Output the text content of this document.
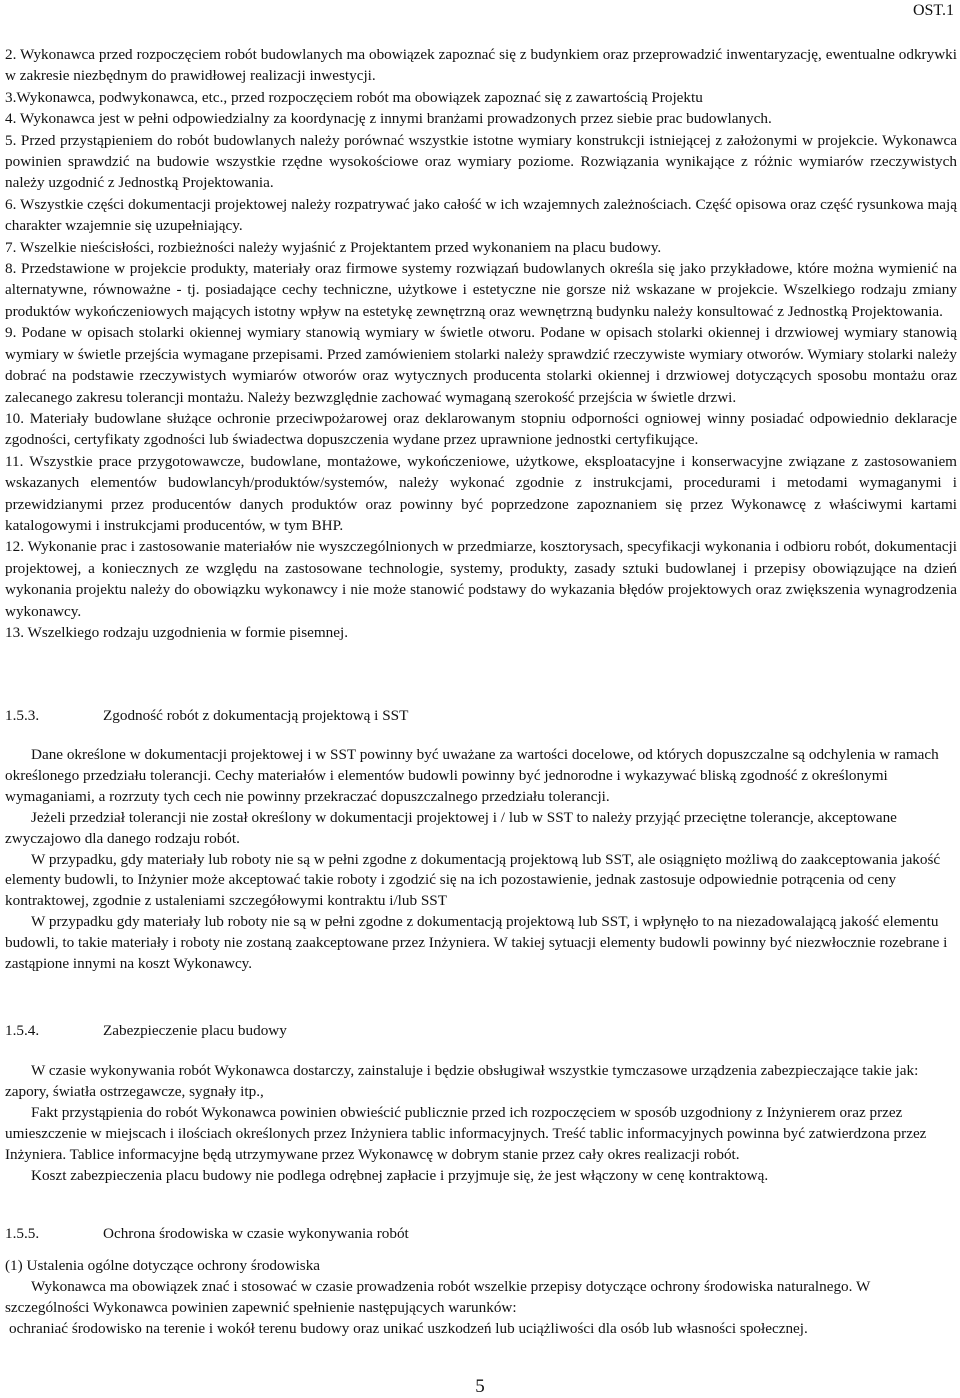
OST.1

2. Wykonawca przed rozpoczęciem robót budowlanych ma obowiązek zapoznać się z budynkiem oraz przeprowadzić inwentaryzację, ewentualne odkrywki w zakresie niezbędnym do prawidłowej realizacji inwestycji.

3.Wykonawca, podwykonawca, etc., przed rozpoczęciem robót ma obowiązek zapoznać się z zawartością Projektu

4. Wykonawca jest w pełni odpowiedzialny za koordynację z innymi branżami prowadzonych przez siebie prac budowlanych.

5. Przed przystąpieniem do robót budowlanych należy porównać wszystkie istotne wymiary konstrukcji istniejącej z założonymi w projekcie. Wykonawca powinien sprawdzić na budowie wszystkie rzędne wysokościowe oraz wymiary poziome. Rozwiązania wynikające z różnic wymiarów rzeczywistych należy uzgodnić z Jednostką Projektowania.

6. Wszystkie części dokumentacji projektowej należy rozpatrywać jako całość w ich wzajemnych zależnościach. Część opisowa oraz część rysunkowa mają charakter wzajemnie się uzupełniający.

7. Wszelkie nieścisłości, rozbieżności należy wyjaśnić z Projektantem przed wykonaniem na placu budowy.

8. Przedstawione w projekcie produkty, materiały oraz firmowe systemy rozwiązań budowlanych określa się jako przykładowe, które można wymienić na alternatywne, równoważne - tj. posiadające cechy techniczne, użytkowe i estetyczne nie gorsze niż wskazane w projekcie. Wszelkiego rodzaju zmiany produktów wykończeniowych mających istotny wpływ na estetykę zewnętrzną oraz wewnętrzną budynku należy konsultować z Jednostką Projektowania.

9. Podane w opisach stolarki okiennej wymiary stanowią wymiary w świetle otworu. Podane w opisach stolarki okiennej i drzwiowej wymiary stanowią wymiary w świetle przejścia wymagane przepisami. Przed zamówieniem stolarki należy sprawdzić rzeczywiste wymiary otworów. Wymiary stolarki należy dobrać na podstawie rzeczywistych wymiarów otworów oraz wytycznych producenta stolarki okiennej i drzwiowej dotyczących sposobu montażu oraz zalecanego zakresu tolerancji montażu. Należy bezwzględnie zachować wymaganą szerokość przejścia w świetle drzwi.

10. Materiały budowlane służące ochronie przeciwpożarowej oraz deklarowanym stopniu odporności ogniowej winny posiadać odpowiednio deklaracje zgodności, certyfikaty zgodności lub świadectwa dopuszczenia wydane przez uprawnione jednostki certyfikujące.

11. Wszystkie prace przygotowawcze, budowlane, montażowe, wykończeniowe, użytkowe, eksploatacyjne i konserwacyjne związane z zastosowaniem wskazanych elementów budowlancyh/produktów/systemów, należy wykonać zgodnie z instrukcjami, procedurami i metodami wymaganymi i przewidzianymi przez producentów danych produktów oraz powinny być poprzedzone zapoznaniem się przez Wykonawcę z właściwymi kartami katalogowymi i instrukcjami producentów, w tym BHP.

12. Wykonanie prac i zastosowanie materiałów nie wyszczególnionych w przedmiarze, kosztorysach, specyfikacji wykonania i odbioru robót, dokumentacji projektowej, a koniecznych ze względu na zastosowane technologie, systemy, produkty, zasady sztuki budowlanej i przepisy obowiązujące na dzień wykonania projektu należy do obowiązku wykonawcy i nie może stanowić podstawy do wykazania błędów projektowych oraz zwiększenia wynagrodzenia wykonawcy.

13. Wszelkiego rodzaju uzgodnienia w formie pisemnej.

1.5.3.	Zgodność robót z dokumentacją projektową i SST

Dane określone w dokumentacji projektowej i w SST powinny być uważane za wartości docelowe, od których dopuszczalne są odchylenia w ramach określonego przedziału tolerancji. Cechy materiałów i elementów budowli powinny być jednorodne i wykazywać bliską zgodność z określonymi wymaganiami, a rozrzuty tych cech nie powinny przekraczać dopuszczalnego przedziału tolerancji.

Jeżeli przedział tolerancji nie został określony w dokumentacji projektowej i / lub w SST to należy przyjąć przeciętne tolerancje, akceptowane zwyczajowo dla danego rodzaju robót.

W przypadku, gdy materiały lub roboty nie są w pełni zgodne z dokumentacją projektową lub SST, ale osiągnięto możliwą do zaakceptowania jakość elementy budowli, to Inżynier może akceptować takie roboty i zgodzić się na ich pozostawienie, jednak zastosuje odpowiednie potrącenia od ceny kontraktowej, zgodnie z ustaleniami szczegółowymi kontraktu i/lub SST

W przypadku gdy materiały lub roboty nie są w pełni zgodne z dokumentacją projektową lub SST, i wpłynęło to na niezadowalającą jakość elementu budowli, to takie materiały i roboty nie zostaną zaakceptowane przez Inżyniera. W takiej sytuacji elementy budowli powinny być niezwłocznie rozebrane i zastąpione innymi na koszt Wykonawcy.

1.5.4.	Zabezpieczenie placu budowy

W czasie wykonywania robót Wykonawca dostarczy, zainstaluje i będzie obsługiwał wszystkie tymczasowe urządzenia zabezpieczające takie jak: zapory, światła ostrzegawcze, sygnały itp.,

Fakt przystąpienia do robót Wykonawca powinien obwieścić publicznie przed ich rozpoczęciem w sposób uzgodniony z Inżynierem oraz przez umieszczenie w miejscach i ilościach określonych przez Inżyniera tablic informacyjnych. Treść tablic informacyjnych powinna być zatwierdzona przez Inżyniera. Tablice informacyjne będą utrzymywane przez Wykonawcę w dobrym stanie przez cały okres realizacji robót.

Koszt zabezpieczenia placu budowy nie podlega odrębnej zapłacie i przyjmuje się, że jest włączony w cenę kontraktową.

1.5.5.	Ochrona środowiska w czasie wykonywania robót

(1) Ustalenia ogólne dotyczące ochrony środowiska

Wykonawca ma obowiązek znać i stosować w czasie prowadzenia robót wszelkie przepisy dotyczące ochrony środowiska naturalnego. W szczególności Wykonawca powinien zapewnić spełnienie następujących warunków:

ochraniać środowisko na terenie i wokół terenu budowy oraz unikać uszkodzeń lub uciążliwości dla osób lub własności społecznej.

5
